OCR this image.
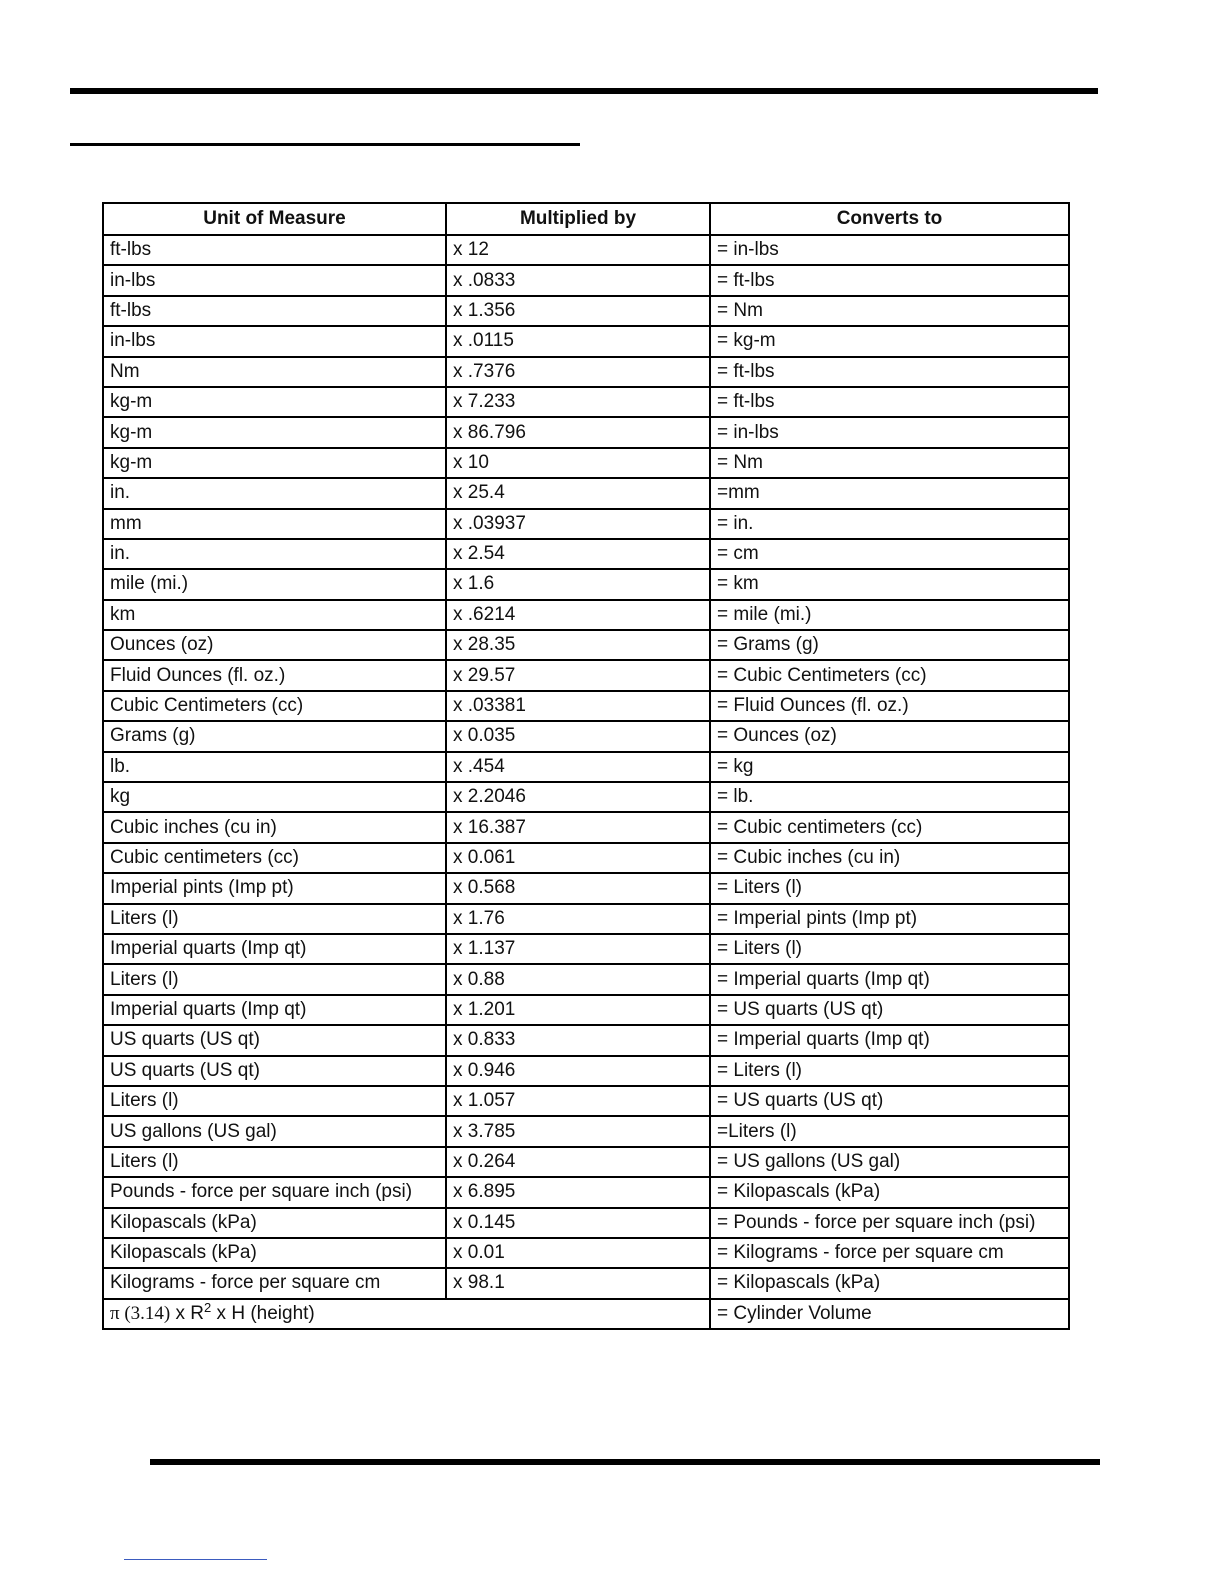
Unit of Measure	Multiplied by	Converts to
ft-lbs	x 12	= in-lbs
in-lbs	x .0833	= ft-lbs
ft-lbs	x 1.356	= Nm
in-lbs	x .0115	= kg-m
Nm	x .7376	= ft-lbs
kg-m	x 7.233	= ft-lbs
kg-m	x 86.796	= in-lbs
kg-m	x 10	= Nm
in.	x 25.4	=mm
mm	x .03937	= in.
in.	x 2.54	= cm
mile (mi.)	x 1.6	= km
km	x .6214	= mile (mi.)
Ounces (oz)	x 28.35	= Grams (g)
Fluid Ounces (fl. oz.)	x 29.57	= Cubic Centimeters (cc)
Cubic Centimeters (cc)	x .03381	= Fluid Ounces (fl. oz.)
Grams (g)	x 0.035	= Ounces (oz)
lb.	x .454	= kg
kg	x 2.2046	= lb.
Cubic inches (cu in)	x 16.387	= Cubic centimeters (cc)
Cubic centimeters (cc)	x 0.061	= Cubic inches (cu in)
Imperial pints (Imp pt)	x 0.568	= Liters (l)
Liters (l)	x 1.76	= Imperial pints (Imp pt)
Imperial quarts (Imp qt)	x 1.137	= Liters (l)
Liters (l)	x 0.88	= Imperial quarts (Imp qt)
Imperial quarts (Imp qt)	x 1.201	= US quarts (US qt)
US quarts (US qt)	x 0.833	= Imperial quarts (Imp qt)
US quarts (US qt)	x 0.946	= Liters (l)
Liters (l)	x 1.057	= US quarts (US qt)
US gallons (US gal)	x 3.785	=Liters (l)
Liters (l)	x 0.264	= US gallons (US gal)
Pounds - force per square inch (psi)	x 6.895	= Kilopascals (kPa)
Kilopascals (kPa)	x 0.145	= Pounds - force per square inch (psi)
Kilopascals (kPa)	x 0.01	= Kilograms - force per square cm
Kilograms - force per square cm	x 98.1	= Kilopascals (kPa)
π (3.14) x $R^2$ x H (height)		= Cylinder Volume
